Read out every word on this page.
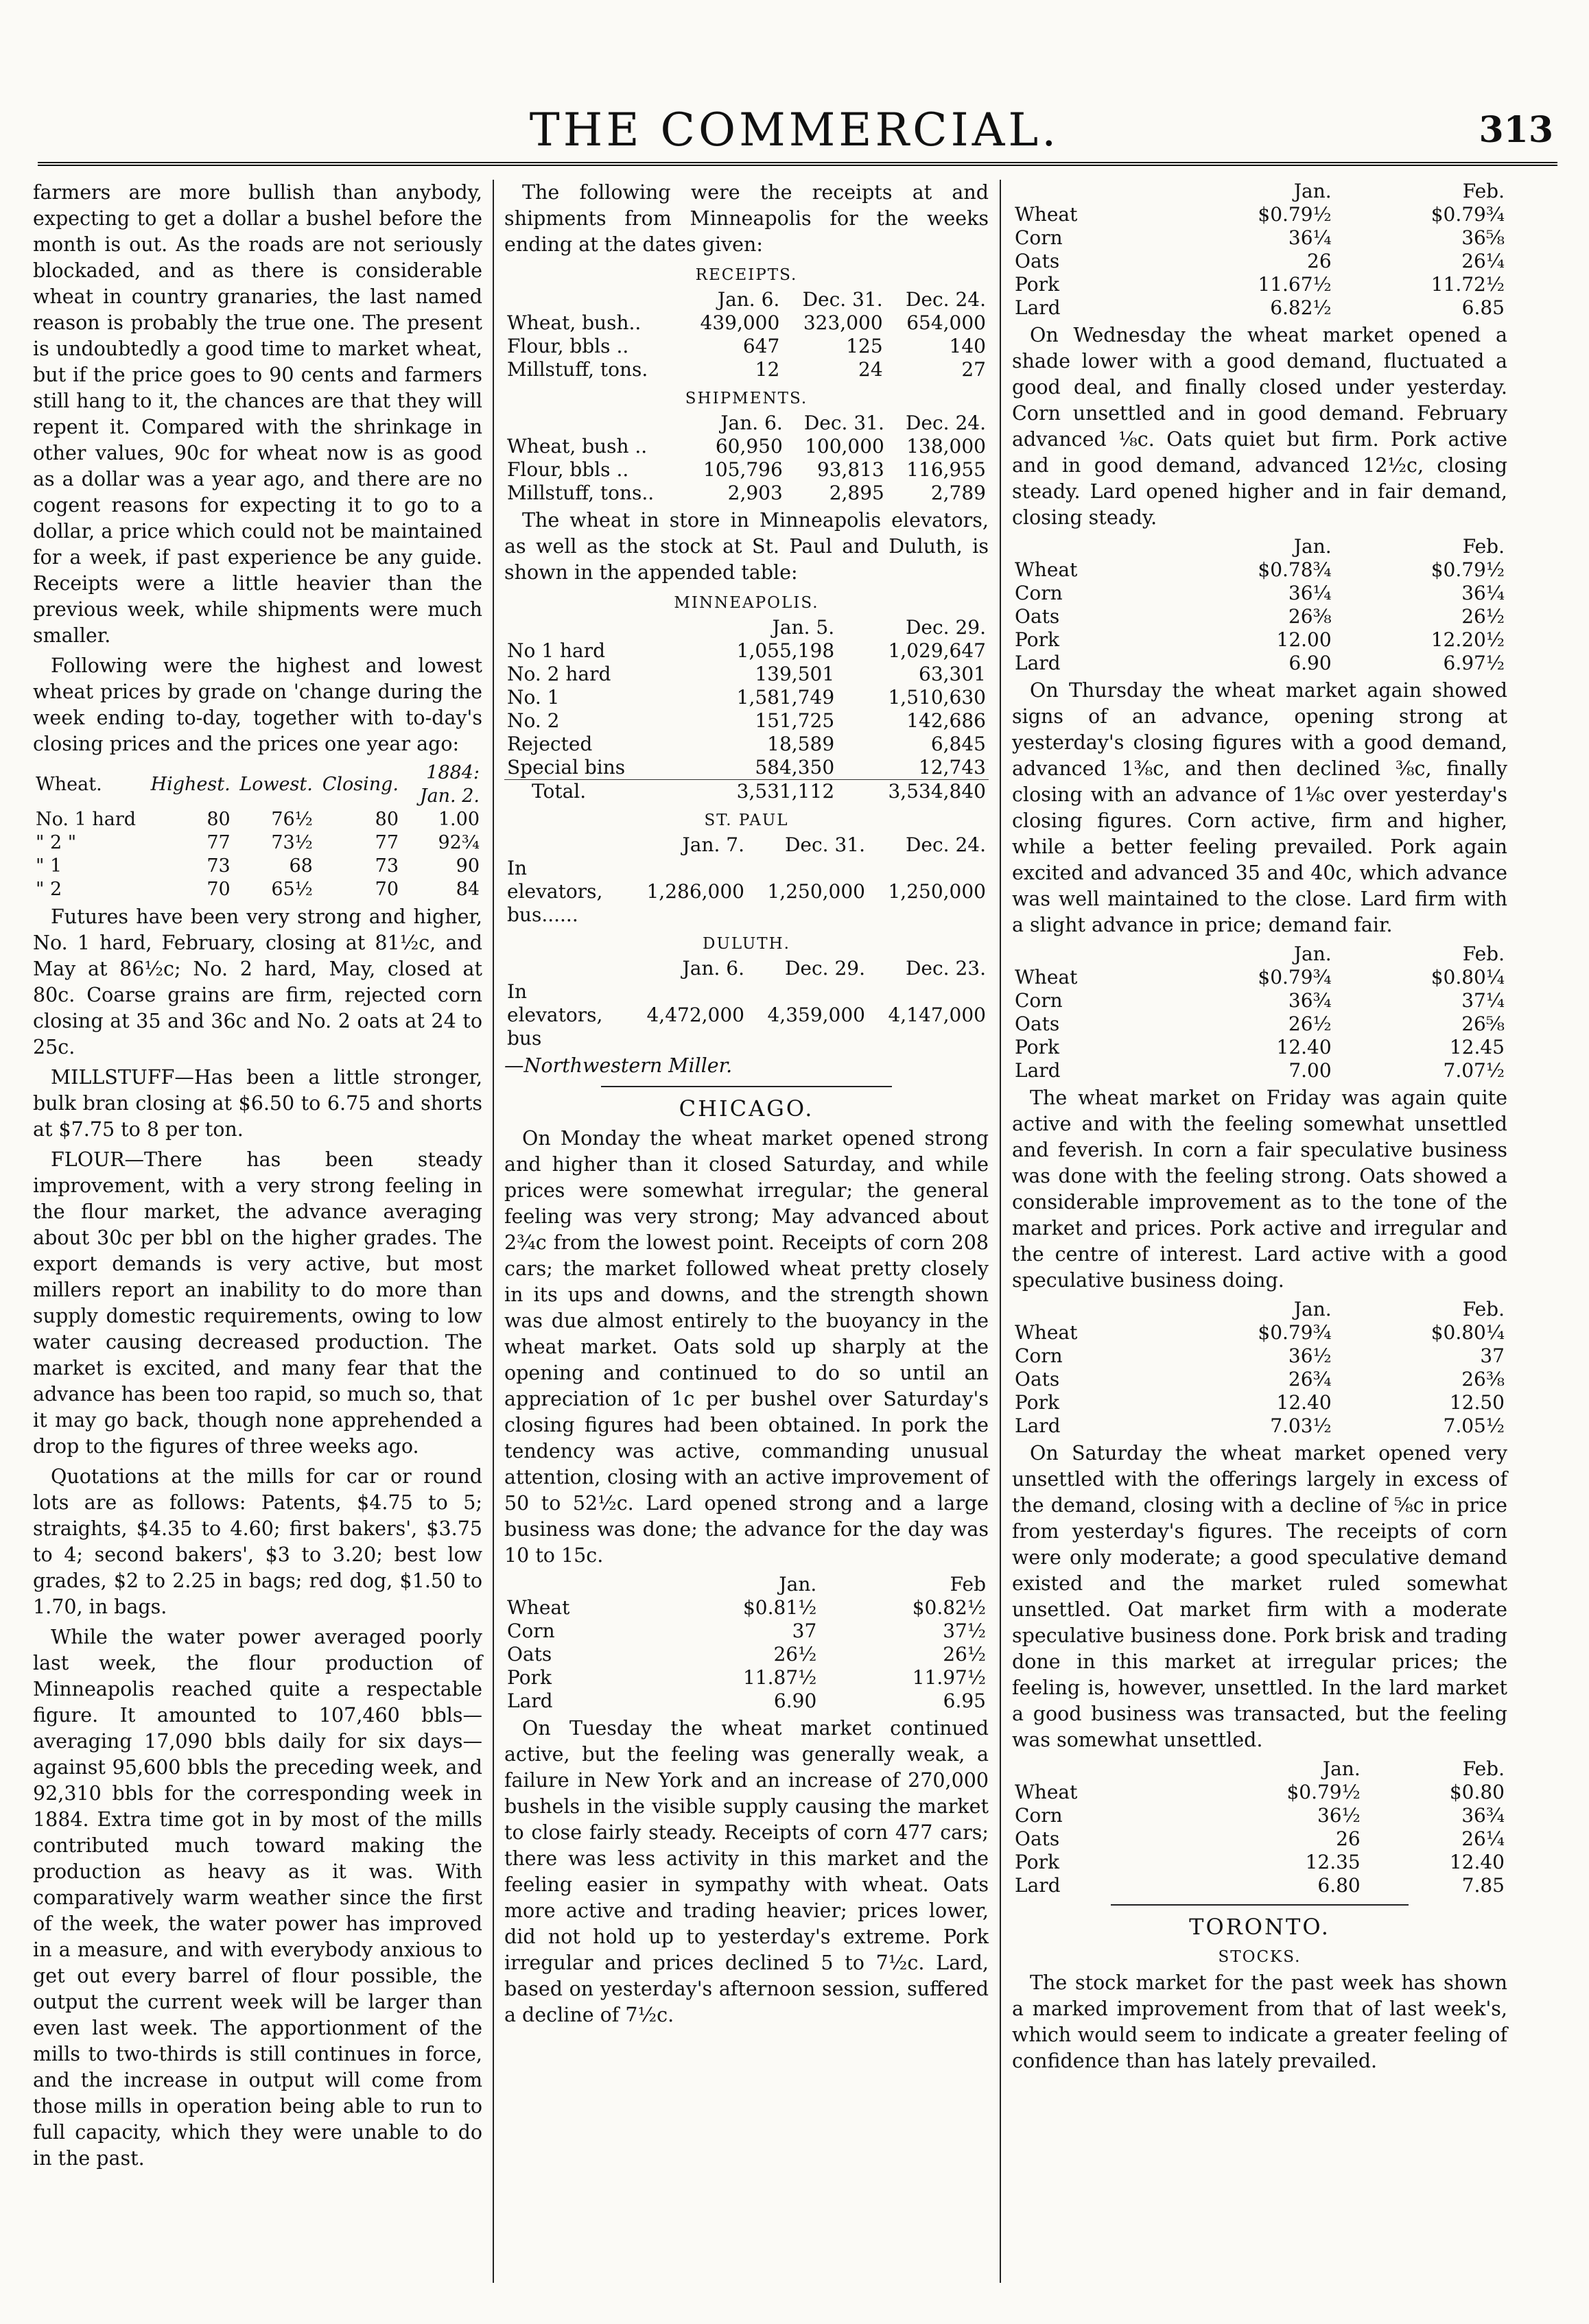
THE COMMERCIAL.	313

farmers are more bullish than anybody, expecting to get a dollar a bushel before the month is out. As the roads are not seriously blockaded, and as there is considerable wheat in country granaries, the last named reason is probably the true one. The present is undoubtedly a good time to market wheat, but if the price goes to 90 cents and farmers still hang to it, the chances are that they will repent it. Compared with the shrinkage in other values, 90c for wheat now is as good as a dollar was a year ago, and there are no cogent reasons for expecting it to go to a dollar, a price which could not be maintained for a week, if past experience be any guide. Receipts were a little heavier than the previous week, while shipments were much smaller.

Following were the highest and lowest wheat prices by grade on 'change during the week ending to-day, together with to-day's closing prices and the prices one year ago:

Wheat.	Highest.	Lowest.	Closing.	1884: Jan. 2.
No. 1 hard	80	76½	80	1.00
" 2 "	77	73½	77	92¾
" 1	73	68	73	90
" 2	70	65½	70	84

Futures have been very strong and higher, No. 1 hard, February, closing at 81½c, and May at 86½c; No. 2 hard, May, closed at 80c. Coarse grains are firm, rejected corn closing at 35 and 36c and No. 2 oats at 24 to 25c.

MILLSTUFF—Has been a little stronger, bulk bran closing at $6.50 to 6.75 and shorts at $7.75 to 8 per ton.

FLOUR—There has been steady improvement, with a very strong feeling in the flour market, the advance averaging about 30c per bbl on the higher grades. The export demands is very active, but most millers report an inability to do more than supply domestic requirements, owing to low water causing decreased production. The market is excited, and many fear that the advance has been too rapid, so much so, that it may go back, though none apprehended a drop to the figures of three weeks ago.

Quotations at the mills for car or round lots are as follows: Patents, $4.75 to 5; straights, $4.35 to 4.60; first bakers', $3.75 to 4; second bakers', $3 to 3.20; best low grades, $2 to 2.25 in bags; red dog, $1.50 to 1.70, in bags.

While the water power averaged poorly last week, the flour production of Minneapolis reached quite a respectable figure. It amounted to 107,460 bbls—averaging 17,090 bbls daily for six days—against 95,600 bbls the preceding week, and 92,310 bbls for the corresponding week in 1884. Extra time got in by most of the mills contributed much toward making the production as heavy as it was. With comparatively warm weather since the first of the week, the water power has improved in a measure, and with everybody anxious to get out every barrel of flour possible, the output the current week will be larger than even last week. The apportionment of the mills to two-thirds is still continues in force, and the increase in output will come from those mills in operation being able to run to full capacity, which they were unable to do in the past.

The following were the receipts at and shipments from Minneapolis for the weeks ending at the dates given:

RECEIPTS.
	Jan. 6.	Dec. 31.	Dec. 24.
Wheat, bush..	439,000	323,000	654,000
Flour, bbls ..	647	125	140
Millstuff, tons.	12	24	27
SHIPMENTS.
	Jan. 6.	Dec. 31.	Dec. 24.
Wheat, bush ..	60,950	100,000	138,000
Flour, bbls ..	105,796	93,813	116,955
Millstuff, tons..	2,903	2,895	2,789

The wheat in store in Minneapolis elevators, as well as the stock at St. Paul and Duluth, is shown in the appended table:

MINNEAPOLIS.
	Jan. 5.	Dec. 29.
No 1 hard	1,055,198	1,029,647
No. 2 hard	139,501	63,301
No. 1	1,581,749	1,510,630
No. 2	151,725	142,686
Rejected	18,589	6,845
Special bins	584,350	12,743
Total.	3,531,112	3,534,840
ST. PAUL
	Jan. 7.	Dec. 31.	Dec. 24.
In elevators, bus......	1,286,000	1,250,000	1,250,000
DULUTH.
	Jan. 6.	Dec. 29.	Dec. 23.
In elevators, bus	4,472,000	4,359,000	4,147,000
—Northwestern Miller.
CHICAGO.

On Monday the wheat market opened strong and higher than it closed Saturday, and while prices were somewhat irregular; the general feeling was very strong; May advanced about 2¾c from the lowest point. Receipts of corn 208 cars; the market followed wheat pretty closely in its ups and downs, and the strength shown was due almost entirely to the buoyancy in the wheat market. Oats sold up sharply at the opening and continued to do so until an appreciation of 1c per bushel over Saturday's closing figures had been obtained. In pork the tendency was active, commanding unusual attention, closing with an active improvement of 50 to 52½c. Lard opened strong and a large business was done; the advance for the day was 10 to 15c.

	Jan.	Feb
Wheat	$0.81½	$0.82½
Corn	37	37½
Oats	26½	26½
Pork	11.87½	11.97½
Lard	6.90	6.95

On Tuesday the wheat market continued active, but the feeling was generally weak, a failure in New York and an increase of 270,000 bushels in the visible supply causing the market to close fairly steady. Receipts of corn 477 cars; there was less activity in this market and the feeling easier in sympathy with wheat. Oats more active and trading heavier; prices lower, did not hold up to yesterday's extreme. Pork irregular and prices declined 5 to 7½c. Lard, based on yesterday's afternoon session, suffered a decline of 7½c.

	Jan.	Feb.
Wheat	$0.79½	$0.79¾
Corn	36¼	36⅝
Oats	26	26¼
Pork	11.67½	11.72½
Lard	6.82½	6.85

On Wednesday the wheat market opened a shade lower with a good demand, fluctuated a good deal, and finally closed under yesterday. Corn unsettled and in good demand. February advanced ⅛c. Oats quiet but firm. Pork active and in good demand, advanced 12½c, closing steady. Lard opened higher and in fair demand, closing steady.

	Jan.	Feb.
Wheat	$0.78¾	$0.79½
Corn	36¼	36¼
Oats	26⅜	26½
Pork	12.00	12.20½
Lard	6.90	6.97½

On Thursday the wheat market again showed signs of an advance, opening strong at yesterday's closing figures with a good demand, advanced 1⅜c, and then declined ⅜c, finally closing with an advance of 1⅛c over yesterday's closing figures. Corn active, firm and higher, while a better feeling prevailed. Pork again excited and advanced 35 and 40c, which advance was well maintained to the close. Lard firm with a slight advance in price; demand fair.

	Jan.	Feb.
Wheat	$0.79¾	$0.80¼
Corn	36¾	37¼
Oats	26½	26⅝
Pork	12.40	12.45
Lard	7.00	7.07½

The wheat market on Friday was again quite active and with the feeling somewhat unsettled and feverish. In corn a fair speculative business was done with the feeling strong. Oats showed a considerable improvement as to the tone of the market and prices. Pork active and irregular and the centre of interest. Lard active with a good speculative business doing.

	Jan.	Feb.
Wheat	$0.79¾	$0.80¼
Corn	36½	37
Oats	26¾	26⅜
Pork	12.40	12.50
Lard	7.03½	7.05½

On Saturday the wheat market opened very unsettled with the offerings largely in excess of the demand, closing with a decline of ⅝c in price from yesterday's figures. The receipts of corn were only moderate; a good speculative demand existed and the market ruled somewhat unsettled. Oat market firm with a moderate speculative business done. Pork brisk and trading done in this market at irregular prices; the feeling is, however, unsettled. In the lard market a good business was transacted, but the feeling was somewhat unsettled.

	Jan.	Feb.
Wheat	$0.79½	$0.80
Corn	36½	36¾
Oats	26	26¼
Pork	12.35	12.40
Lard	6.80	7.85
TORONTO.
STOCKS.

The stock market for the past week has shown a marked improvement from that of last week's, which would seem to indicate a greater feeling of confidence than has lately prevailed.
